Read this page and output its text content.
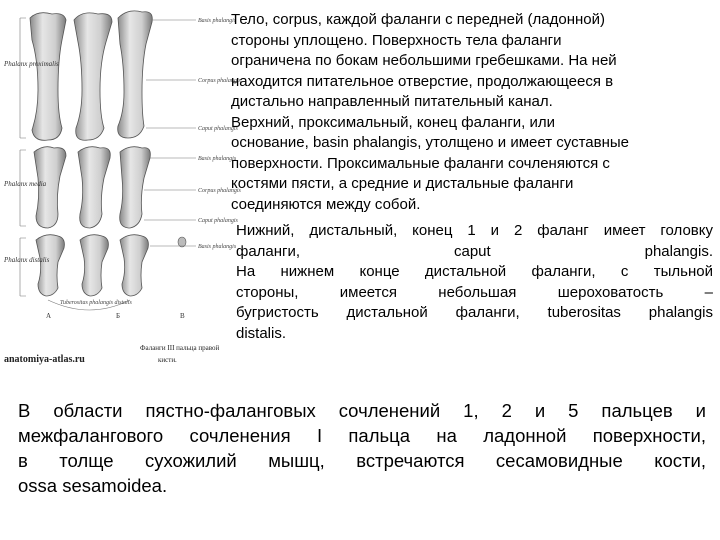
Basis phalangis
Corpus phalangis
Caput phalangis
Basis phalangis
Corpus phalangis
Caput phalangis
Basis phalangis
Tuberositas phalangis distalis
Phalanx proximalis
Phalanx media
Phalanx distalis
A	Б	В
anatomiya-atlas.ru
Фаланги III пальца правой
кисти.
Тело, corpus, каждой фаланги с передней (ладонной)
стороны уплощено. Поверхность тела фаланги
ограничена по бокам небольшими гребешками. На ней
находится питательное отверстие, продолжающееся в
дистально направленный питательный канал.
Верхний, проксимальный, конец фаланги, или
основание, basin phalangis, утолщено и имеет суставные
поверхности. Проксимальные фаланги сочленяются с
костями пясти, а средние и дистальные фаланги
соединяются между собой.
Нижний, дистальный, конец 1 и 2 фаланг имеет головку
фаланги, caput phalangis.
На нижнем конце дистальной фаланги, с тыльной
стороны, имеется небольшая шероховатость –
бугристость дистальной фаланги, tuberositas phalangis
distalis.
В области пястно-фаланговых сочленений 1, 2 и 5 пальцев и
межфалангового сочленения I пальца на ладонной поверхности,
в толще сухожилий мышц, встречаются сесамовидные кости,
ossa sesamoidea.
